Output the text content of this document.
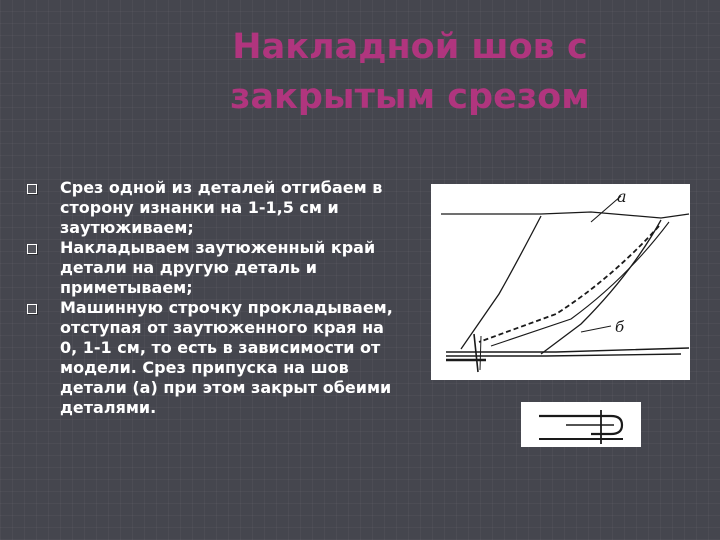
Накладной шов с закрытым срезом
Срез одной из деталей отгибаем в сторону изнанки на 1-1,5 см и заутюживаем;
Накладываем заутюженный край детали на другую деталь и приметываем;
Машинную строчку прокладываем, отступая от заутюженного края на 0, 1-1 см, то есть в зависимости от модели. Срез припуска на шов детали (а) при этом закрыт обеими деталями.
а
б
